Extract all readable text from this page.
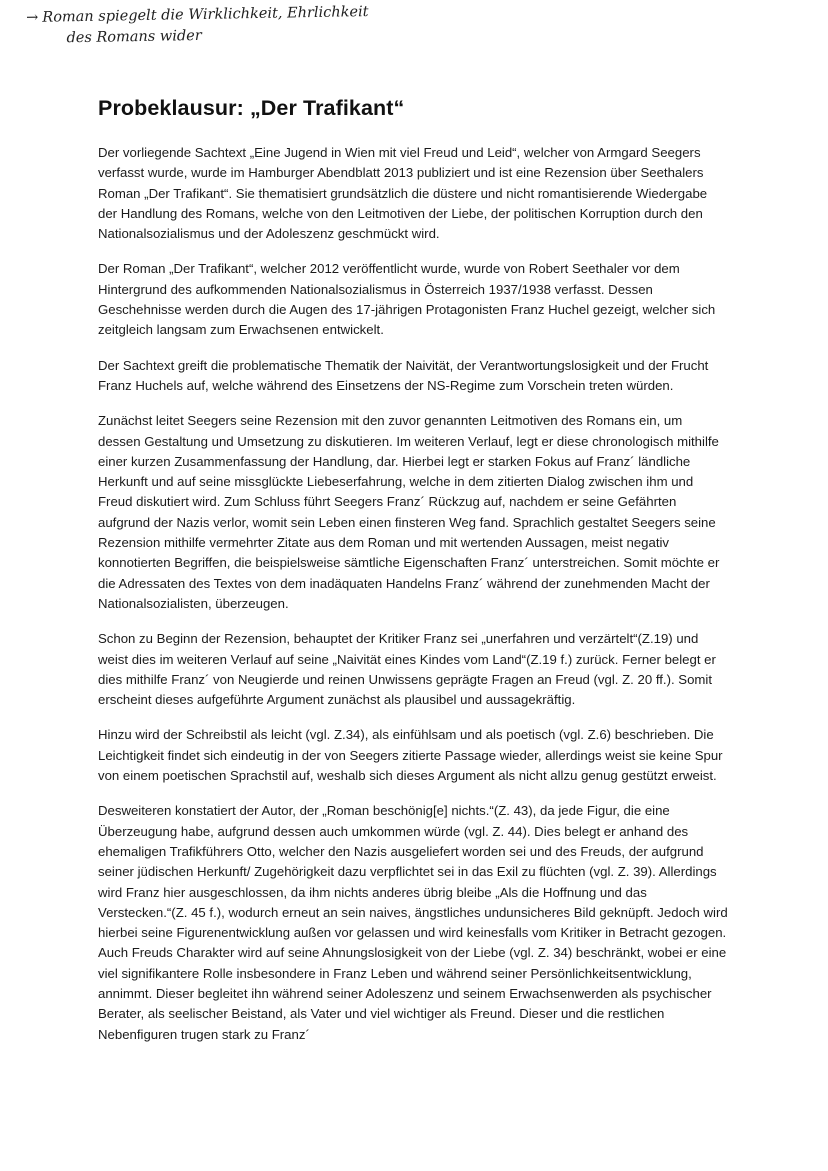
→ Roman spiegelt die Wirklichkeit, Ehrlichkeit
des Romans wider
Probeklausur: „Der Trafikant“

Der vorliegende Sachtext „Eine Jugend in Wien mit viel Freud und Leid“, welcher von Armgard Seegers verfasst wurde, wurde im Hamburger Abendblatt 2013 publiziert und ist eine Rezension über Seethalers Roman „Der Trafikant“. Sie thematisiert grundsätzlich die düstere und nicht romantisierende Wiedergabe der Handlung des Romans, welche von den Leitmotiven der Liebe, der politischen Korruption durch den Nationalsozialismus und der Adoleszenz geschmückt wird.

Der Roman „Der Trafikant“, welcher 2012 veröffentlicht wurde, wurde von Robert Seethaler vor dem Hintergrund des aufkommenden Nationalsozialismus in Österreich 1937/1938 verfasst. Dessen Geschehnisse werden durch die Augen des 17-jährigen Protagonisten Franz Huchel gezeigt, welcher sich zeitgleich langsam zum Erwachsenen entwickelt.

Der Sachtext greift die problematische Thematik der Naivität, der Verantwortungslosigkeit und der Frucht Franz Huchels auf, welche während des Einsetzens der NS-Regime zum Vorschein treten würden.

Zunächst leitet Seegers seine Rezension mit den zuvor genannten Leitmotiven des Romans ein, um dessen Gestaltung und Umsetzung zu diskutieren. Im weiteren Verlauf, legt er diese chronologisch mithilfe einer kurzen Zusammenfassung der Handlung, dar. Hierbei legt er starken Fokus auf Franz´ ländliche Herkunft und auf seine missglückte Liebeserfahrung, welche in dem zitierten Dialog zwischen ihm und Freud diskutiert wird. Zum Schluss führt Seegers Franz´ Rückzug auf, nachdem er seine Gefährten aufgrund der Nazis verlor, womit sein Leben einen finsteren Weg fand. Sprachlich gestaltet Seegers seine Rezension mithilfe vermehrter Zitate aus dem Roman und mit wertenden Aussagen, meist negativ konnotierten Begriffen, die beispielsweise sämtliche Eigenschaften Franz´ unterstreichen. Somit möchte er die Adressaten des Textes von dem inadäquaten Handelns Franz´ während der zunehmenden Macht der Nationalsozialisten, überzeugen.

Schon zu Beginn der Rezension, behauptet der Kritiker Franz sei „unerfahren und verzärtelt“(Z.19) und weist dies im weiteren Verlauf auf seine „Naivität eines Kindes vom Land“(Z.19 f.) zurück. Ferner belegt er dies mithilfe Franz´ von Neugierde und reinen Unwissens geprägte Fragen an Freud (vgl. Z. 20 ff.). Somit erscheint dieses aufgeführte Argument zunächst als plausibel und aussagekräftig.

Hinzu wird der Schreibstil als leicht (vgl. Z.34), als einfühlsam und als poetisch (vgl. Z.6) beschrieben. Die Leichtigkeit findet sich eindeutig in der von Seegers zitierte Passage wieder, allerdings weist sie keine Spur von einem poetischen Sprachstil auf, weshalb sich dieses Argument als nicht allzu genug gestützt erweist.

Desweiteren konstatiert der Autor, der „Roman beschönig[e] nichts.“(Z. 43), da jede Figur, die eine Überzeugung habe, aufgrund dessen auch umkommen würde (vgl. Z. 44). Dies belegt er anhand des ehemaligen Trafikführers Otto, welcher den Nazis ausgeliefert worden sei und des Freuds, der aufgrund seiner jüdischen Herkunft/ Zugehörigkeit dazu verpflichtet sei in das Exil zu flüchten (vgl. Z. 39). Allerdings wird Franz hier ausgeschlossen, da ihm nichts anderes übrig bleibe „Als die Hoffnung und das Verstecken.“(Z. 45 f.), wodurch erneut an sein naives, ängstliches undunsicheres Bild geknüpft. Jedoch wird hierbei seine Figurenentwicklung außen vor gelassen und wird keinesfalls vom Kritiker in Betracht gezogen. Auch Freuds Charakter wird auf seine Ahnungslosigkeit von der Liebe (vgl. Z. 34) beschränkt, wobei er eine viel signifikantere Rolle insbesondere in Franz Leben und während seiner Persönlichkeitsentwicklung, annimmt. Dieser begleitet ihn während seiner Adoleszenz und seinem Erwachsenwerden als psychischer Berater, als seelischer Beistand, als Vater und viel wichtiger als Freund. Dieser und die restlichen Nebenfiguren trugen stark zu Franz´
